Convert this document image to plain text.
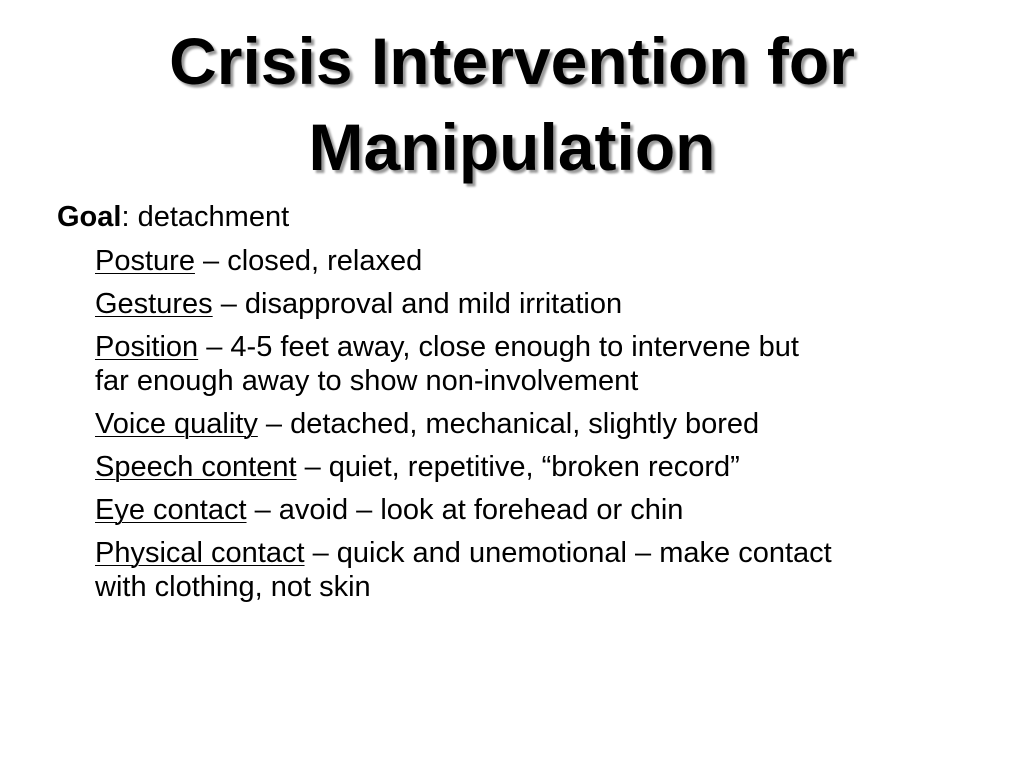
Crisis Intervention for
Manipulation
Goal: detachment
Posture – closed, relaxed
Gestures – disapproval and mild irritation
Position – 4-5 feet away, close enough to intervene but
far enough away to show non-involvement
Voice quality – detached, mechanical, slightly bored
Speech content – quiet, repetitive, “broken record”
Eye contact – avoid – look at forehead or chin
Physical contact – quick and unemotional – make contact
with clothing, not skin
